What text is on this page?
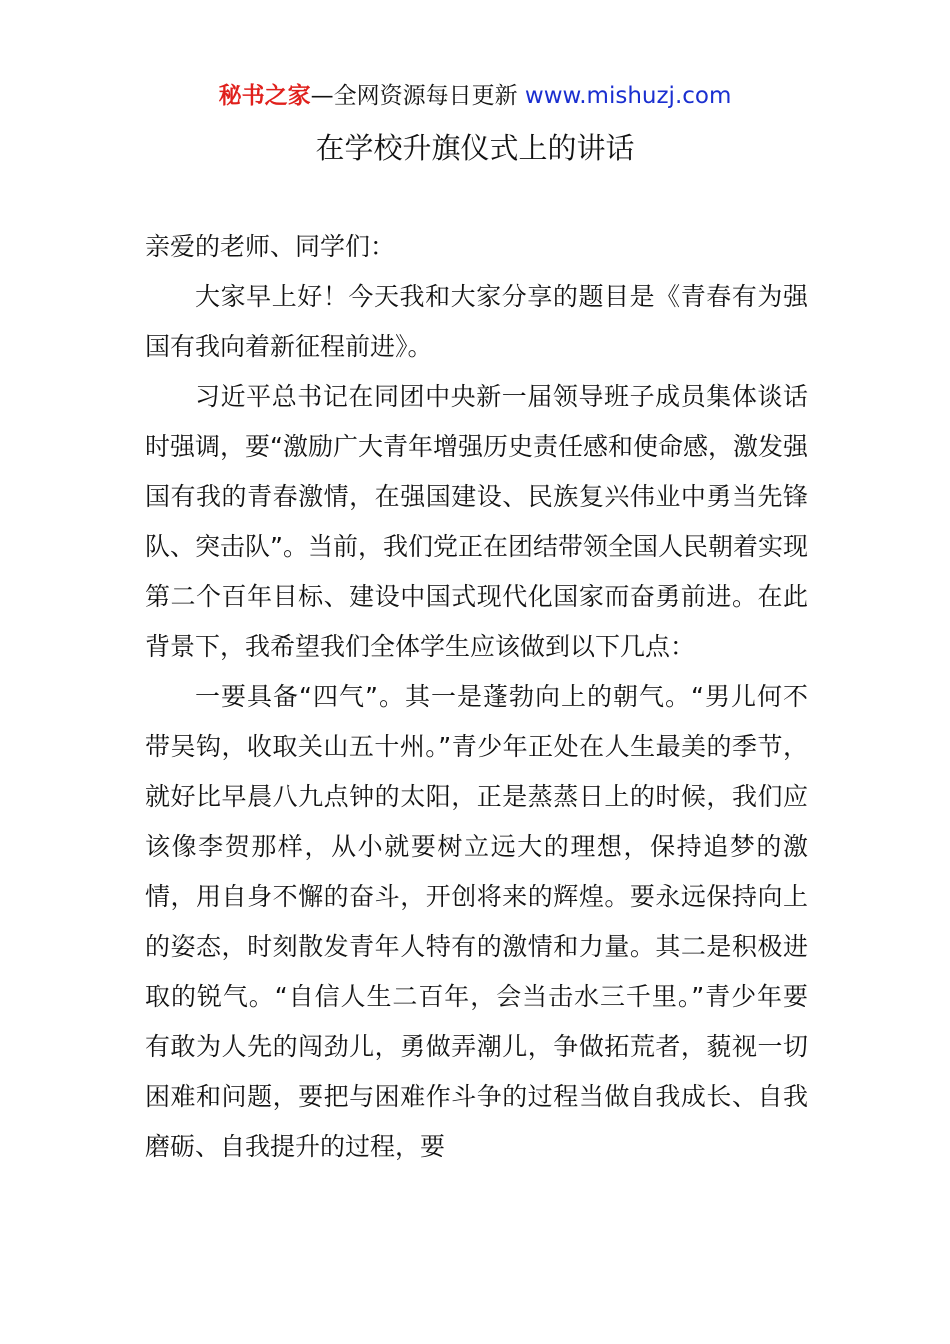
秘书之家—全网资源每日更新 www.mishuzj.com
在学校升旗仪式上的讲话

亲爱的老师、同学们：

大家早上好！今天我和大家分享的题目是《青春有为强国有我向着新征程前进》。

习近平总书记在同团中央新一届领导班子成员集体谈话时强调，要“激励广大青年增强历史责任感和使命感，激发强国有我的青春激情，在强国建设、民族复兴伟业中勇当先锋队、突击队”。当前，我们党正在团结带领全国人民朝着实现第二个百年目标、建设中国式现代化国家而奋勇前进。在此背景下，我希望我们全体学生应该做到以下几点：

一要具备“四气”。其一是蓬勃向上的朝气。“男儿何不带吴钩，收取关山五十州。”青少年正处在人生最美的季节，就好比早晨八九点钟的太阳，正是蒸蒸日上的时候，我们应该像李贺那样，从小就要树立远大的理想，保持追梦的激情，用自身不懈的奋斗，开创将来的辉煌。要永远保持向上的姿态，时刻散发青年人特有的激情和力量。其二是积极进取的锐气。“自信人生二百年，会当击水三千里。”青少年要有敢为人先的闯劲儿，勇做弄潮儿，争做拓荒者，藐视一切困难和问题，要把与困难作斗争的过程当做自我成长、自我磨砺、自我提升的过程，要
